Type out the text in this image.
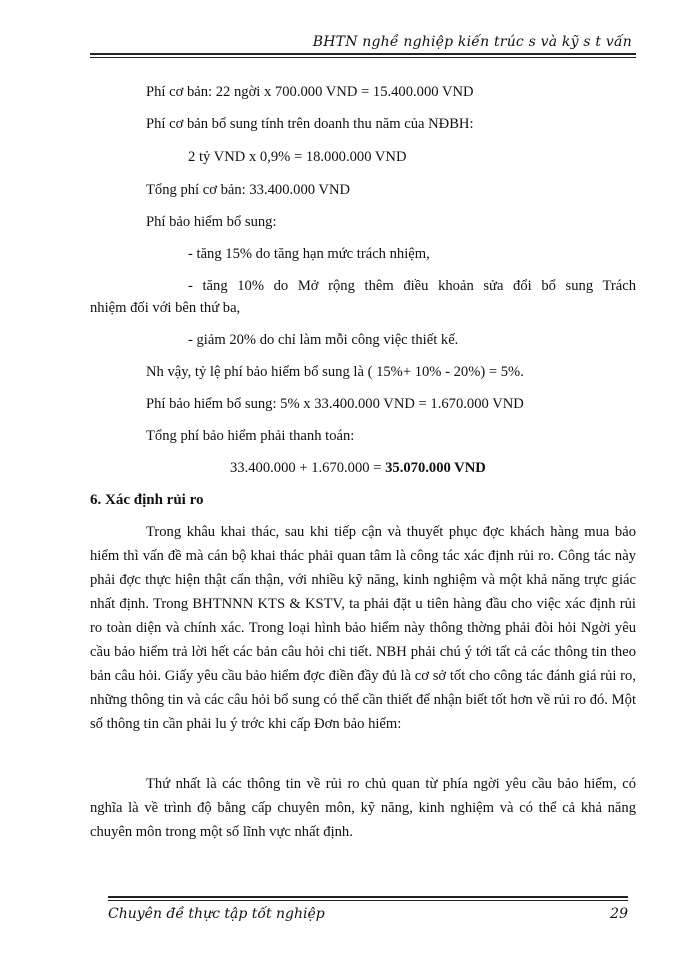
BHTN nghề nghiệp kiến trúc s và kỹ s t vấn
Phí cơ bản: 22 ngời x 700.000 VND = 15.400.000 VND
Phí cơ bản bổ sung tính trên doanh thu năm của NĐBH:
2 tỷ VND x 0,9% = 18.000.000 VND
Tổng phí cơ bản: 33.400.000 VND
Phí bảo hiểm bổ sung:
- tăng 15% do tăng hạn mức trách nhiệm,
- tăng 10% do Mở rộng thêm điều khoản sửa đổi bổ sung Trách
nhiệm đối với bên thứ ba,
- giảm 20% do chỉ làm mỗi công việc thiết kế.
Nh vậy, tỷ lệ phí bảo hiểm bổ sung là ( 15%+ 10% - 20%) = 5%.
Phí bảo hiểm bổ sung: 5% x 33.400.000 VND = 1.670.000 VND
Tổng phí bảo hiểm phải thanh toán:
33.400.000 + 1.670.000 = 35.070.000 VND
6. Xác định rủi ro
Trong khâu khai thác, sau khi tiếp cận và thuyết phục đợc khách hàng mua bảo hiểm thì vấn đề mà cán bộ khai thác phải quan tâm là công tác xác định rủi ro. Công tác này phải đợc thực hiện thật cẩn thận, với nhiều kỹ năng, kinh nghiệm và một khả năng trực giác nhất định. Trong BHTNNN KTS & KSTV, ta phải đặt u tiên hàng đầu cho việc xác định rủi ro toàn diện và chính xác. Trong loại hình bảo hiểm này thông thờng phải đòi hỏi Ngời yêu cầu bảo hiểm trả lời hết các bản câu hỏi chi tiết. NBH phải chú ý tới tất cả các thông tin theo bản câu hỏi. Giấy yêu cầu bảo hiểm đợc điền đầy đủ là cơ sở tốt cho công tác đánh giá rủi ro, những thông tin và các câu hỏi bổ sung có thể cần thiết để nhận biết tốt hơn về rủi ro đó. Một số thông tin cần phải lu ý trớc khi cấp Đơn bảo hiểm:
Thứ nhất là các thông tin về rủi ro chủ quan từ phía ngời yêu cầu bảo hiểm, có nghĩa là về trình độ bằng cấp chuyên môn, kỹ năng, kinh nghiệm và có thể cả khả năng chuyên môn trong một số lĩnh vực nhất định.
Chuyên đề thực tập tốt nghiệp	29
